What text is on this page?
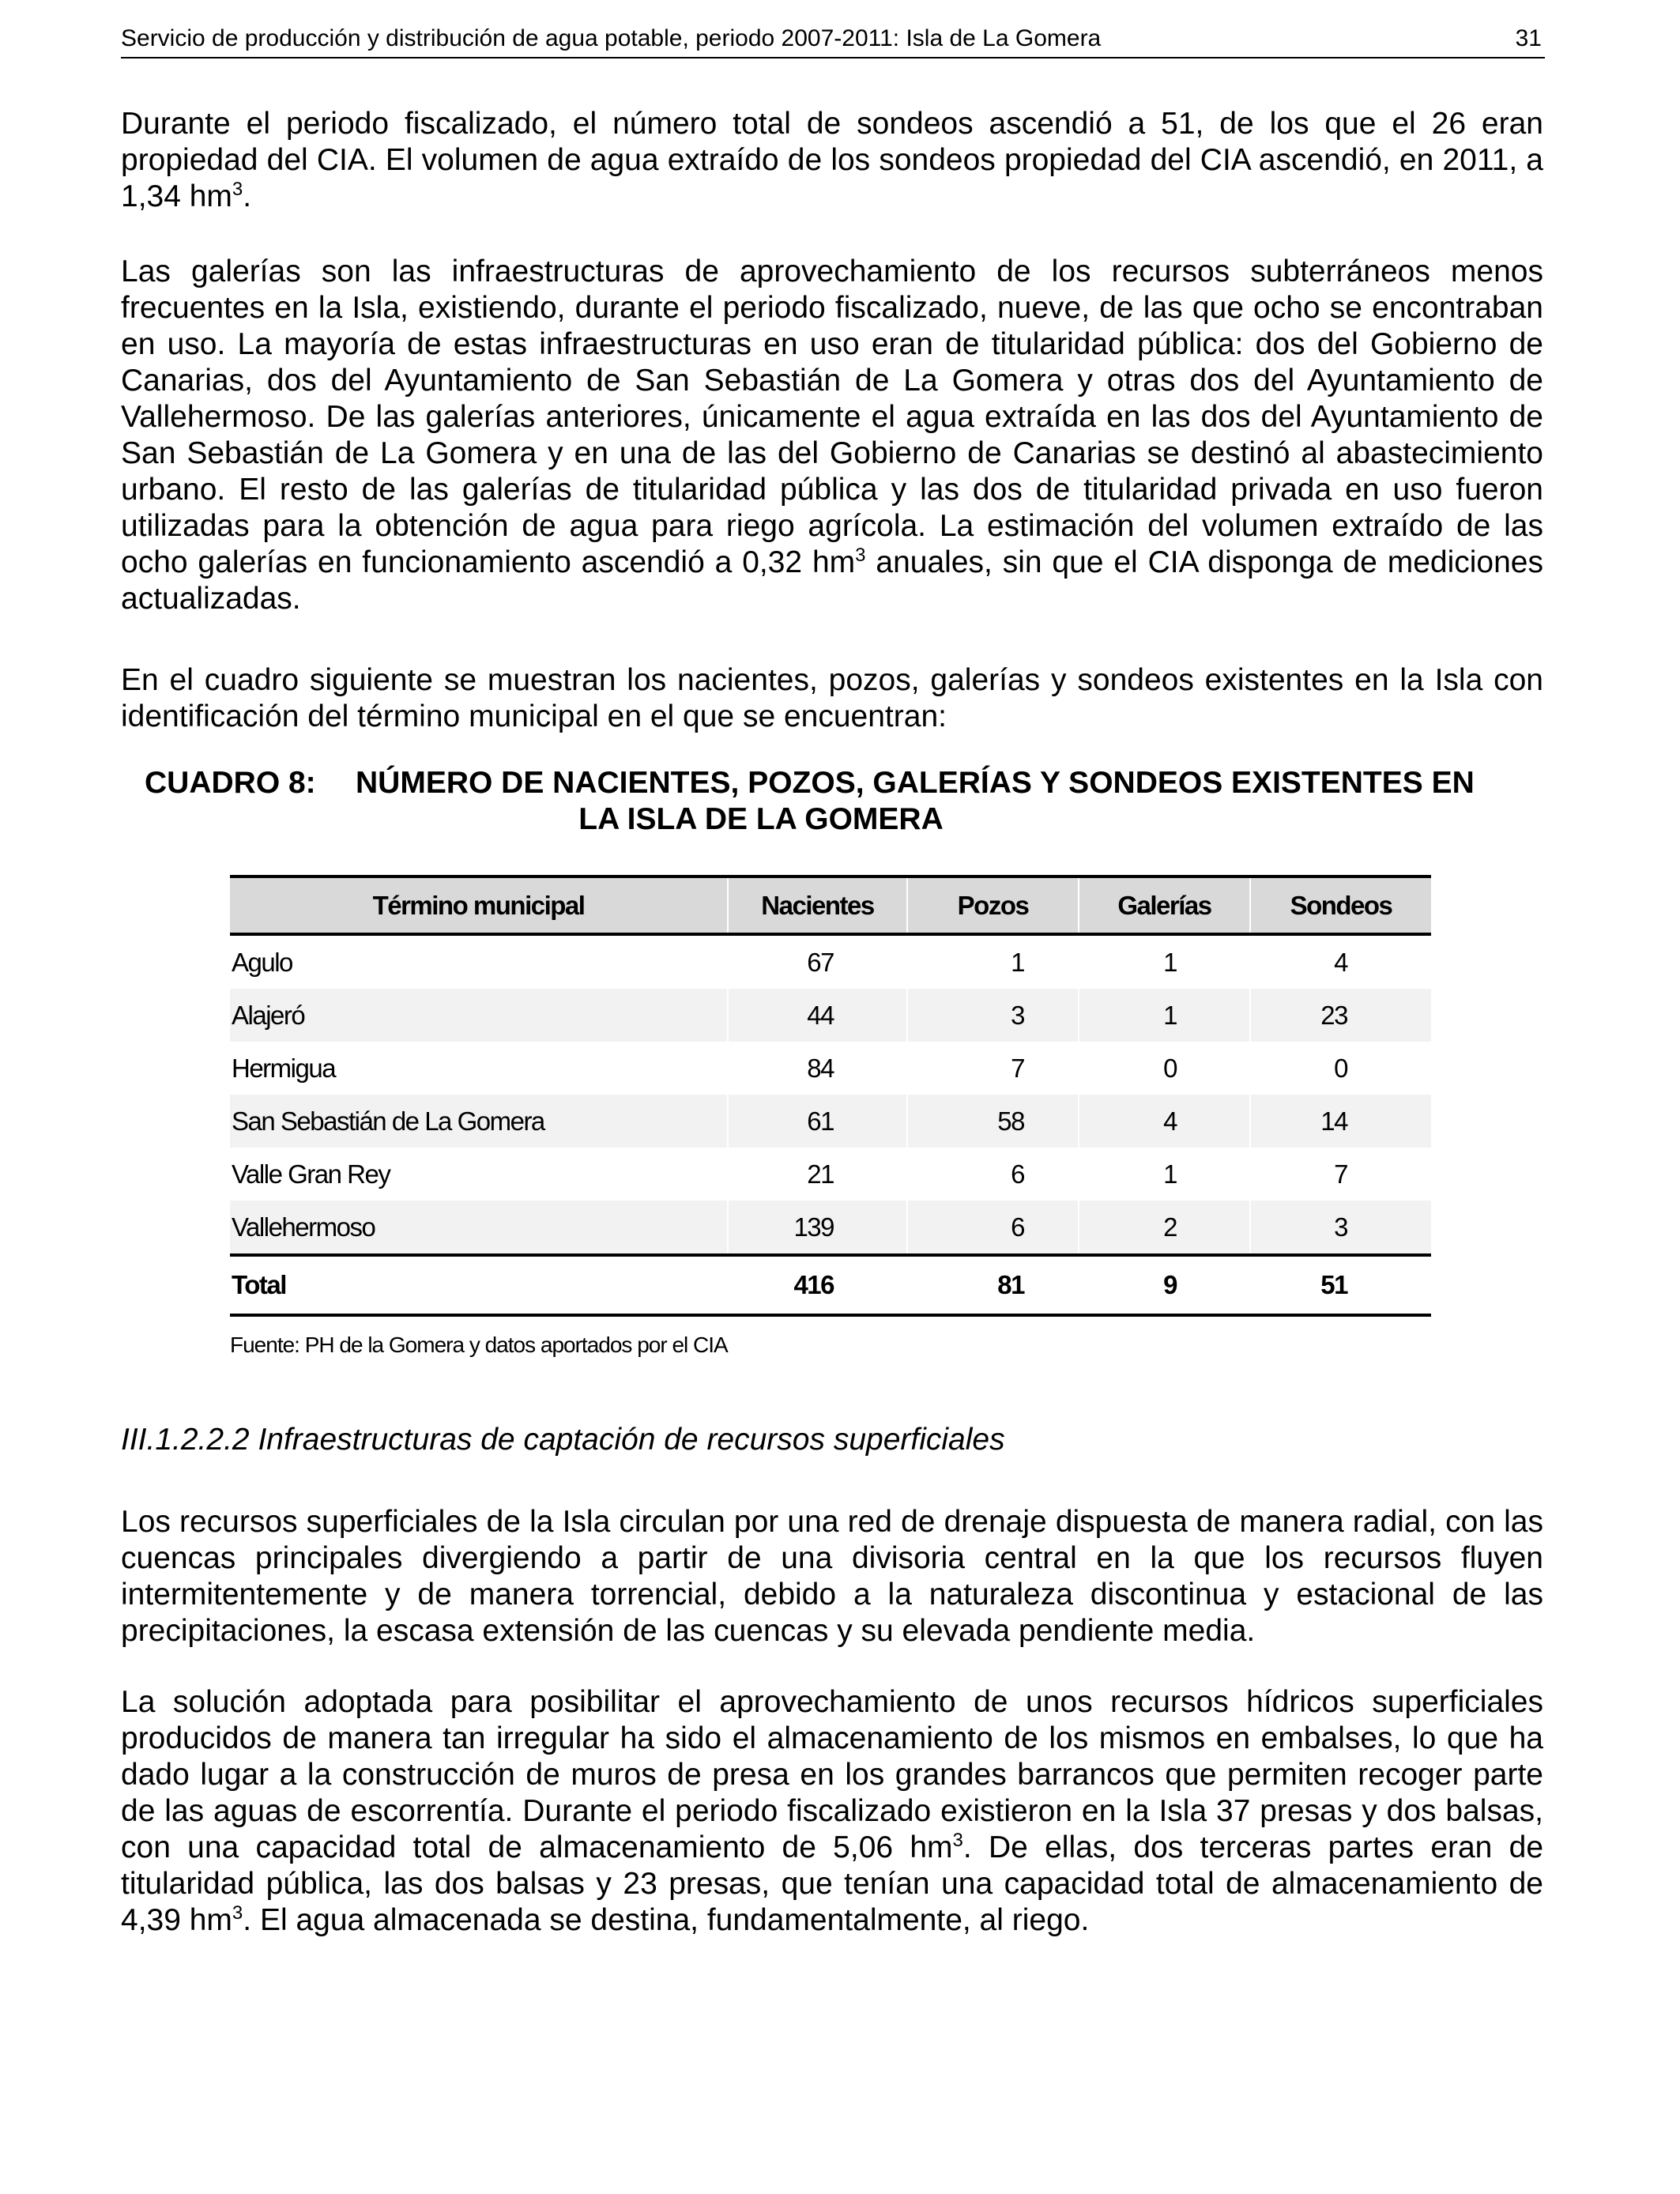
Servicio de producción y distribución de agua potable, periodo 2007-2011: Isla de La Gomera	31

Durante el periodo fiscalizado, el número total de sondeos ascendió a 51, de los que el 26 eran propiedad del CIA. El volumen de agua extraído de los sondeos propiedad del CIA ascendió, en 2011, a 1,34 $hm^3$.

Las galerías son las infraestructuras de aprovechamiento de los recursos subterráneos menos frecuentes en la Isla, existiendo, durante el periodo fiscalizado, nueve, de las que ocho se encontraban en uso. La mayoría de estas infraestructuras en uso eran de titularidad pública: dos del Gobierno de Canarias, dos del Ayuntamiento de San Sebastián de La Gomera y otras dos del Ayuntamiento de Vallehermoso. De las galerías anteriores, únicamente el agua extraída en las dos del Ayuntamiento de San Sebastián de La Gomera y en una de las del Gobierno de Canarias se destinó al abastecimiento urbano. El resto de las galerías de titularidad pública y las dos de titularidad privada en uso fueron utilizadas para la obtención de agua para riego agrícola. La estimación del volumen extraído de las ocho galerías en funcionamiento ascendió a 0,32 $hm^3$ anuales, sin que el CIA disponga de mediciones actualizadas.

En el cuadro siguiente se muestran los nacientes, pozos, galerías y sondeos existentes en la Isla con identificación del término municipal en el que se encuentran:

CUADRO 8: NÚMERO DE NACIENTES, POZOS, GALERÍAS Y SONDEOS EXISTENTES EN
LA ISLA DE LA GOMERA
Término municipal	Nacientes	Pozos	Galerías	Sondeos
Agulo	67	1	1	4
Alajeró	44	3	1	23
Hermigua	84	7	0	0
San Sebastián de La Gomera	61	58	4	14
Valle Gran Rey	21	6	1	7
Vallehermoso	139	6	2	3
Total	416	81	9	51
Fuente: PH de la Gomera y datos aportados por el CIA
III.1.2.2.2 Infraestructuras de captación de recursos superficiales

Los recursos superficiales de la Isla circulan por una red de drenaje dispuesta de manera radial, con las cuencas principales divergiendo a partir de una divisoria central en la que los recursos fluyen intermitentemente y de manera torrencial, debido a la naturaleza discontinua y estacional de las precipitaciones, la escasa extensión de las cuencas y su elevada pendiente media.

La solución adoptada para posibilitar el aprovechamiento de unos recursos hídricos superficiales producidos de manera tan irregular ha sido el almacenamiento de los mismos en embalses, lo que ha dado lugar a la construcción de muros de presa en los grandes barrancos que permiten recoger parte de las aguas de escorrentía. Durante el periodo fiscalizado existieron en la Isla 37 presas y dos balsas, con una capacidad total de almacenamiento de 5,06 $hm^3$. De ellas, dos terceras partes eran de titularidad pública, las dos balsas y 23 presas, que tenían una capacidad total de almacenamiento de 4,39 $hm^3$. El agua almacenada se destina, fundamentalmente, al riego.
